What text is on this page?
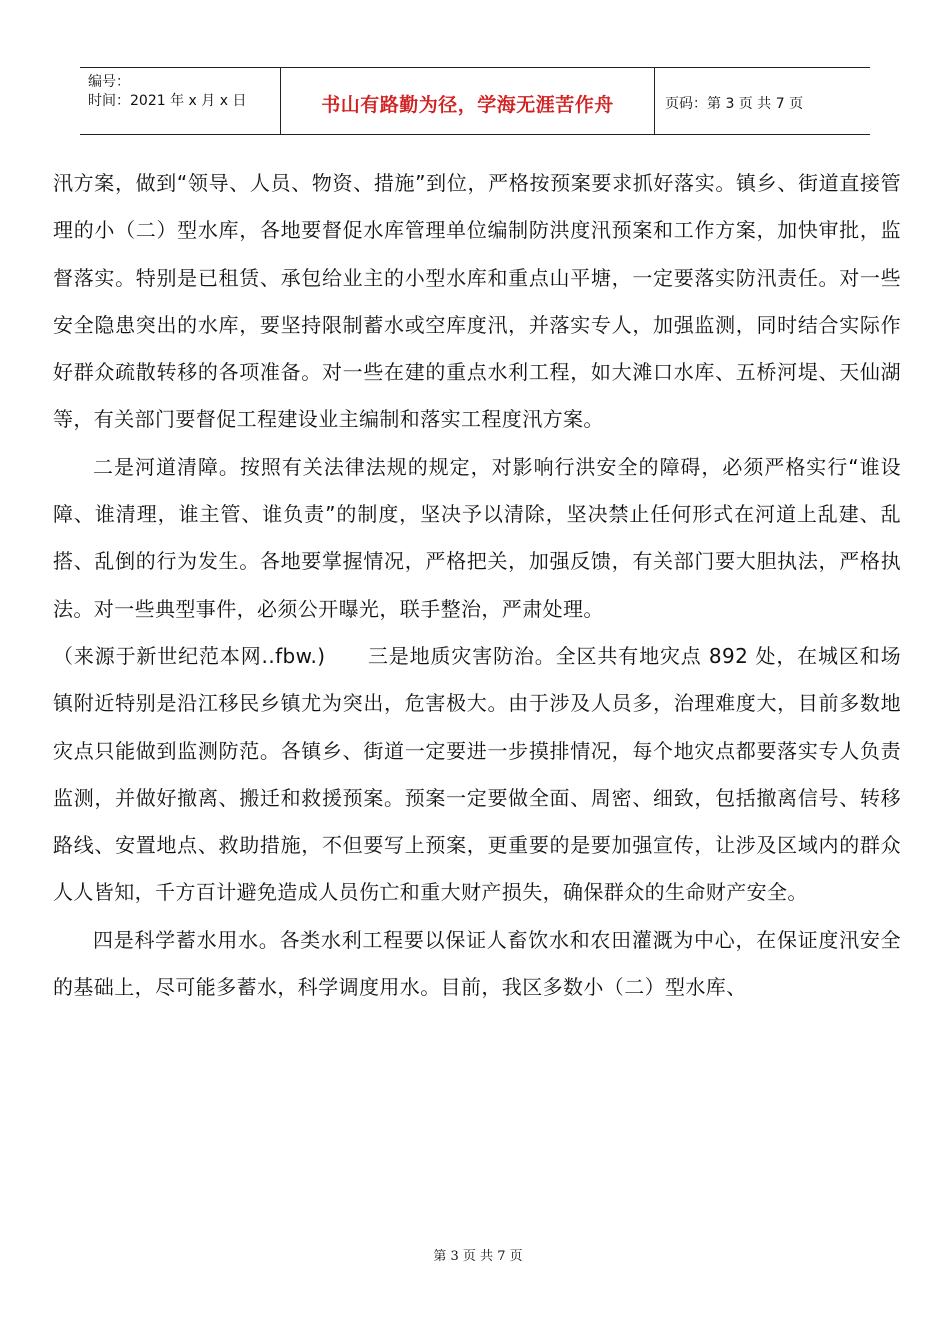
编号：
时间：2021 年 x 月 x 日	书山有路勤为径，学海无涯苦作舟	页码：第 3 页 共 7 页

汛方案，做到“领导、人员、物资、措施”到位，严格按预案要求抓好落实。镇乡、街道直接管理的小（二）型水库，各地要督促水库管理单位编制防洪度汛预案和工作方案，加快审批，监督落实。特别是已租赁、承包给业主的小型水库和重点山平塘，一定要落实防汛责任。对一些安全隐患突出的水库，要坚持限制蓄水或空库度汛，并落实专人，加强监测，同时结合实际作好群众疏散转移的各项准备。对一些在建的重点水利工程，如大滩口水库、五桥河堤、天仙湖等，有关部门要督促工程建设业主编制和落实工程度汛方案。

二是河道清障。按照有关法律法规的规定，对影响行洪安全的障碍，必须严格实行“谁设障、谁清理，谁主管、谁负责”的制度，坚决予以清除，坚决禁止任何形式在河道上乱建、乱搭、乱倒的行为发生。各地要掌握情况，严格把关，加强反馈，有关部门要大胆执法，严格执法。对一些典型事件，必须公开曝光，联手整治，严肃处理。

（来源于新世纪范本网..fbw.) 三是地质灾害防治。全区共有地灾点 892 处，在城区和场镇附近特别是沿江移民乡镇尤为突出，危害极大。由于涉及人员多，治理难度大，目前多数地灾点只能做到监测防范。各镇乡、街道一定要进一步摸排情况，每个地灾点都要落实专人负责监测，并做好撤离、搬迁和救援预案。预案一定要做全面、周密、细致，包括撤离信号、转移路线、安置地点、救助措施，不但要写上预案，更重要的是要加强宣传，让涉及区域内的群众人人皆知，千方百计避免造成人员伤亡和重大财产损失，确保群众的生命财产安全。

四是科学蓄水用水。各类水利工程要以保证人畜饮水和农田灌溉为中心，在保证度汛安全的基础上，尽可能多蓄水，科学调度用水。目前，我区多数小（二）型水库、

第 3 页 共 7 页
